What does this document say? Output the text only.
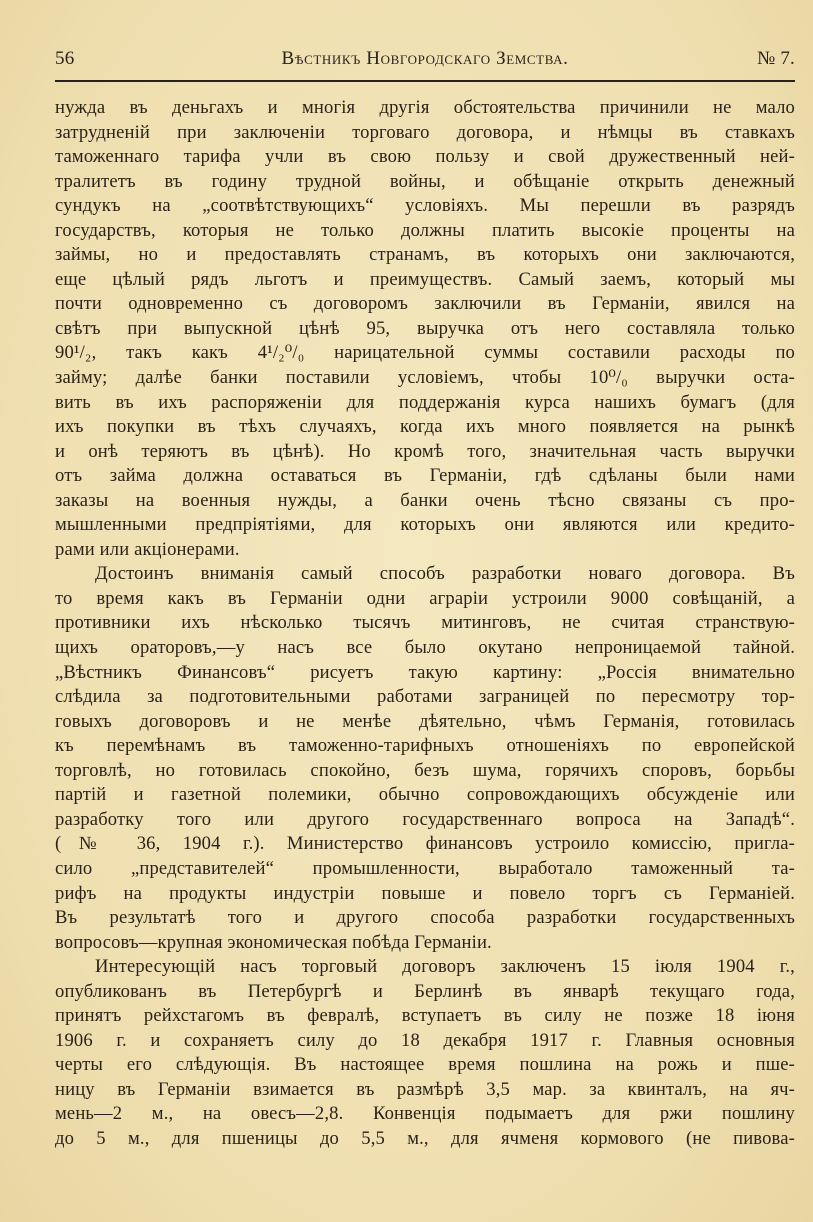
56	Вѣстникъ Новгородскаго Земства.	№ 7.
нужда въ деньгахъ и многія другія обстоятельства причинили не мало
затрудненій при заключеніи торговаго договора, и нѣмцы въ ставкахъ
таможеннаго тарифа учли въ свою пользу и свой дружественный ней-
тралитетъ въ годину трудной войны, и обѣщаніе открыть денежный
сундукъ на „соотвѣтствующихъ“ условіяхъ. Мы перешли въ разрядъ
государствъ, которыя не только должны платить высокіе проценты на
займы, но и предоставлять странамъ, въ которыхъ они заключаются,
еще цѣлый рядъ льготъ и преимуществъ. Самый заемъ, который мы
почти одновременно съ договоромъ заключили въ Германіи, явился на
свѣтъ при выпускной цѣнѣ 95, выручка отъ него составляла только
90¹/₂, такъ какъ 4¹/₂⁰/₀ нарицательной суммы составили расходы по
займу; далѣе банки поставили условіемъ, чтобы 10⁰/₀ выручки оста-
вить въ ихъ распоряженіи для поддержанія курса нашихъ бумагъ (для
ихъ покупки въ тѣхъ случаяхъ, когда ихъ много появляется на рынкѣ
и онѣ теряютъ въ цѣнѣ). Но кромѣ того, значительная часть выручки
отъ займа должна оставаться въ Германіи, гдѣ сдѣланы были нами
заказы на военныя нужды, а банки очень тѣсно связаны съ про-
мышленными предпріятіями, для которыхъ они являются или кредито-
рами или акціонерами.
Достоинъ вниманія самый способъ разработки новаго договора. Въ
то время какъ въ Германіи одни аграріи устроили 9000 совѣщаній, а
противники ихъ нѣсколько тысячъ митинговъ, не считая странствую-
щихъ ораторовъ,—у насъ все было окутано непроницаемой тайной.
„Вѣстникъ Финансовъ“ рисуетъ такую картину: „Россія внимательно
слѣдила за подготовительными работами заграницей по пересмотру тор-
говыхъ договоровъ и не менѣе дѣятельно, чѣмъ Германія, готовилась
къ перемѣнамъ въ таможенно-тарифныхъ отношеніяхъ по европейской
торговлѣ, но готовилась спокойно, безъ шума, горячихъ споровъ, борьбы
партій и газетной полемики, обычно сопровождающихъ обсужденіе или
разработку того или другого государственнаго вопроса на Западѣ“.
(№ 36, 1904 г.). Министерство финансовъ устроило комиссію, пригла-
сило „представителей“ промышленности, выработало таможенный та-
рифъ на продукты индустріи повыше и повело торгъ съ Германіей.
Въ результатѣ того и другого способа разработки государственныхъ
вопросовъ—крупная экономическая побѣда Германіи.
Интересующій насъ торговый договоръ заключенъ 15 іюля 1904 г.,
опубликованъ въ Петербургѣ и Берлинѣ въ январѣ текущаго года,
принятъ рейхстагомъ въ февралѣ, вступаетъ въ силу не позже 18 іюня
1906 г. и сохраняетъ силу до 18 декабря 1917 г. Главныя основныя
черты его слѣдующія. Въ настоящее время пошлина на рожь и пше-
ницу въ Германіи взимается въ размѣрѣ 3,5 мар. за квинталъ, на яч-
мень—2 м., на овесъ—2,8. Конвенція подымаетъ для ржи пошлину
до 5 м., для пшеницы до 5,5 м., для ячменя кормового (не пивова-
